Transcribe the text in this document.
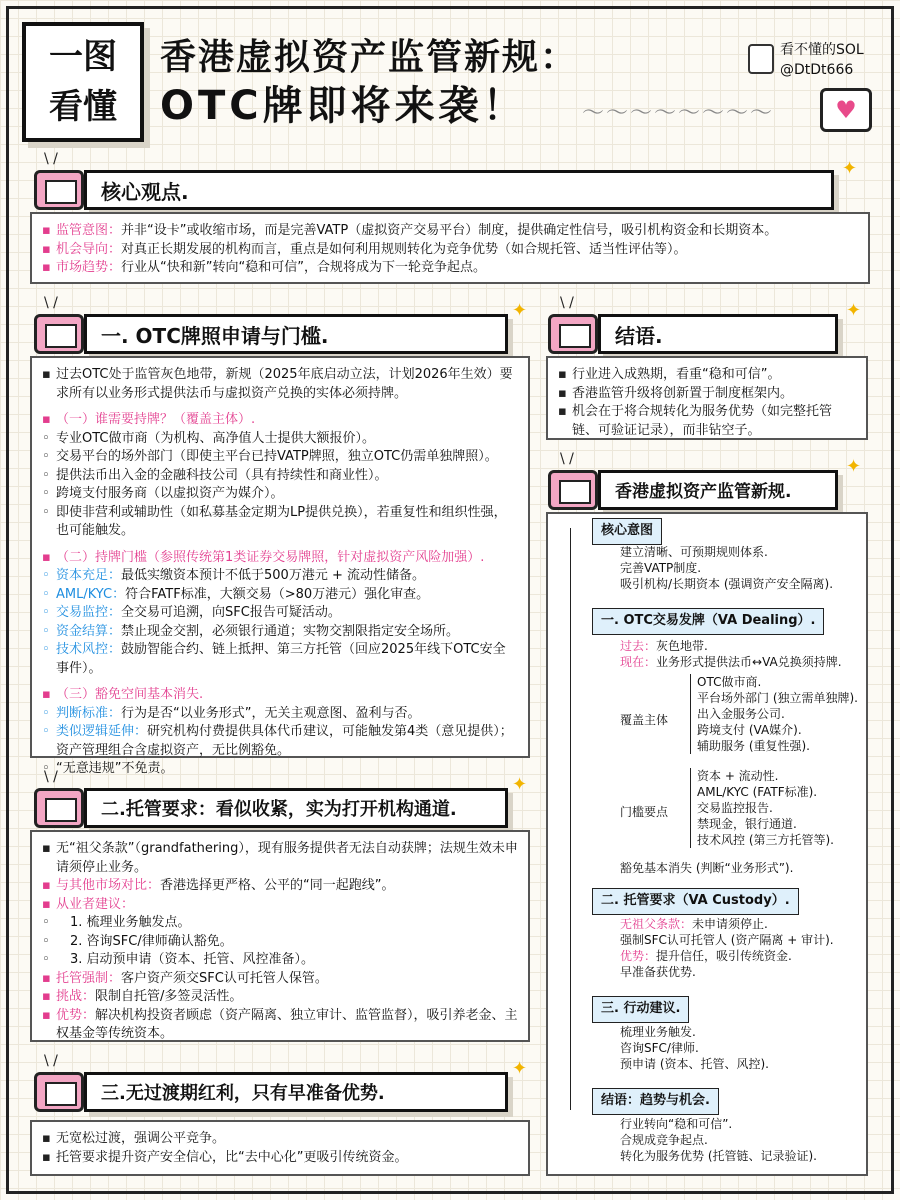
一图
看懂
香港虚拟资产监管新规：
OTC牌即将来袭！	～～～～～～～～
看不懂的SOL
@DtDt666
♥
\ /
核心观点.
✦
▪ 监管意图：并非“设卡”或收缩市场，而是完善VATP（虚拟资产交易平台）制度，提供确定性信号，吸引机构资金和长期资本。
▪ 机会导向：对真正长期发展的机构而言，重点是如何利用规则转化为竞争优势（如合规托管、适当性评估等）。
▪ 市场趋势：行业从“快和新”转向“稳和可信”，合规将成为下一轮竞争起点。
\ /
一. OTC牌照申请与门槛.
✦
▪ 过去OTC处于监管灰色地带，新规（2025年底启动立法，计划2026年生效）要求所有以业务形式提供法币与虚拟资产兑换的实体必须持牌。
▪ （一）谁需要持牌？（覆盖主体）.
◦ 专业OTC做市商（为机构、高净值人士提供大额报价）。
◦ 交易平台的场外部门（即使主平台已持VATP牌照，独立OTC仍需单独牌照）。
◦ 提供法币出入金的金融科技公司（具有持续性和商业性）。
◦ 跨境支付服务商（以虚拟资产为媒介）。
◦ 即使非营利或辅助性（如私募基金定期为LP提供兑换），若重复性和组织性强，也可能触发。
▪ （二）持牌门槛（参照传统第1类证券交易牌照，针对虚拟资产风险加强）.
◦ 资本充足：最低实缴资本预计不低于500万港元 + 流动性储备。
◦ AML/KYC：符合FATF标准，大额交易（>80万港元）强化审查。
◦ 交易监控：全交易可追溯，向SFC报告可疑活动。
◦ 资金结算：禁止现金交割，必须银行通道；实物交割限指定安全场所。
◦ 技术风控：鼓励智能合约、链上抵押、第三方托管（回应2025年线下OTC安全事件）。
▪ （三）豁免空间基本消失.
◦ 判断标准：行为是否“以业务形式”，无关主观意图、盈利与否。
◦ 类似逻辑延伸：研究机构付费提供具体代币建议，可能触发第4类（意见提供）；资产管理组合含虚拟资产，无比例豁免。
◦ “无意违规”不免责。
\ /
二.托管要求：看似收紧，实为打开机构通道.
✦
▪ 无“祖父条款”（grandfathering），现有服务提供者无法自动获牌；法规生效未申请须停止业务。
▪ 与其他市场对比：香港选择更严格、公平的“同一起跑线”。
▪ 从业者建议：
◦ 1. 梳理业务触发点。
◦ 2. 咨询SFC/律师确认豁免。
◦ 3. 启动预申请（资本、托管、风控准备）。
▪ 托管强制：客户资产须交SFC认可托管人保管。
▪ 挑战：限制自托管/多签灵活性。
▪ 优势：解决机构投资者顾虑（资产隔离、独立审计、监管监督），吸引养老金、主权基金等传统资本。
\ /
三.无过渡期红利，只有早准备优势.
✦
▪ 无宽松过渡，强调公平竞争。
▪ 托管要求提升资产安全信心，比“去中心化”更吸引传统资金。
\ /
结语.
✦
▪ 行业进入成熟期，看重“稳和可信”。
▪ 香港监管升级将创新置于制度框架内。
▪ 机会在于将合规转化为服务优势（如完整托管链、可验证记录），而非钻空子。
\ /
香港虚拟资产监管新规.
✦
核心意图
建立清晰、可预期规则体系.
完善VATP制度.
吸引机构/长期资本 (强调资产安全隔离).
一. OTC交易发牌（VA Dealing）.
过去：灰色地带.
现在：业务形式提供法币↔VA兑换须持牌.
覆盖主体
OTC做市商.
平台场外部门 (独立需单独牌).
出入金服务公司.
跨境支付 (VA媒介).
辅助服务 (重复性强).
门槛要点
资本 + 流动性.
AML/KYC (FATF标准).
交易监控报告.
禁现金，银行通道.
技术风控 (第三方托管等).
豁免基本消失 (判断“业务形式”).
二. 托管要求（VA Custody）.
无祖父条款：未申请须停止.
强制SFC认可托管人 (资产隔离 + 审计).
优势：提升信任，吸引传统资金.
早准备获优势.
三. 行动建议.
梳理业务触发.
咨询SFC/律师.
预申请 (资本、托管、风控).
结语：趋势与机会.
行业转向“稳和可信”.
合规成竞争起点.
转化为服务优势 (托管链、记录验证).
